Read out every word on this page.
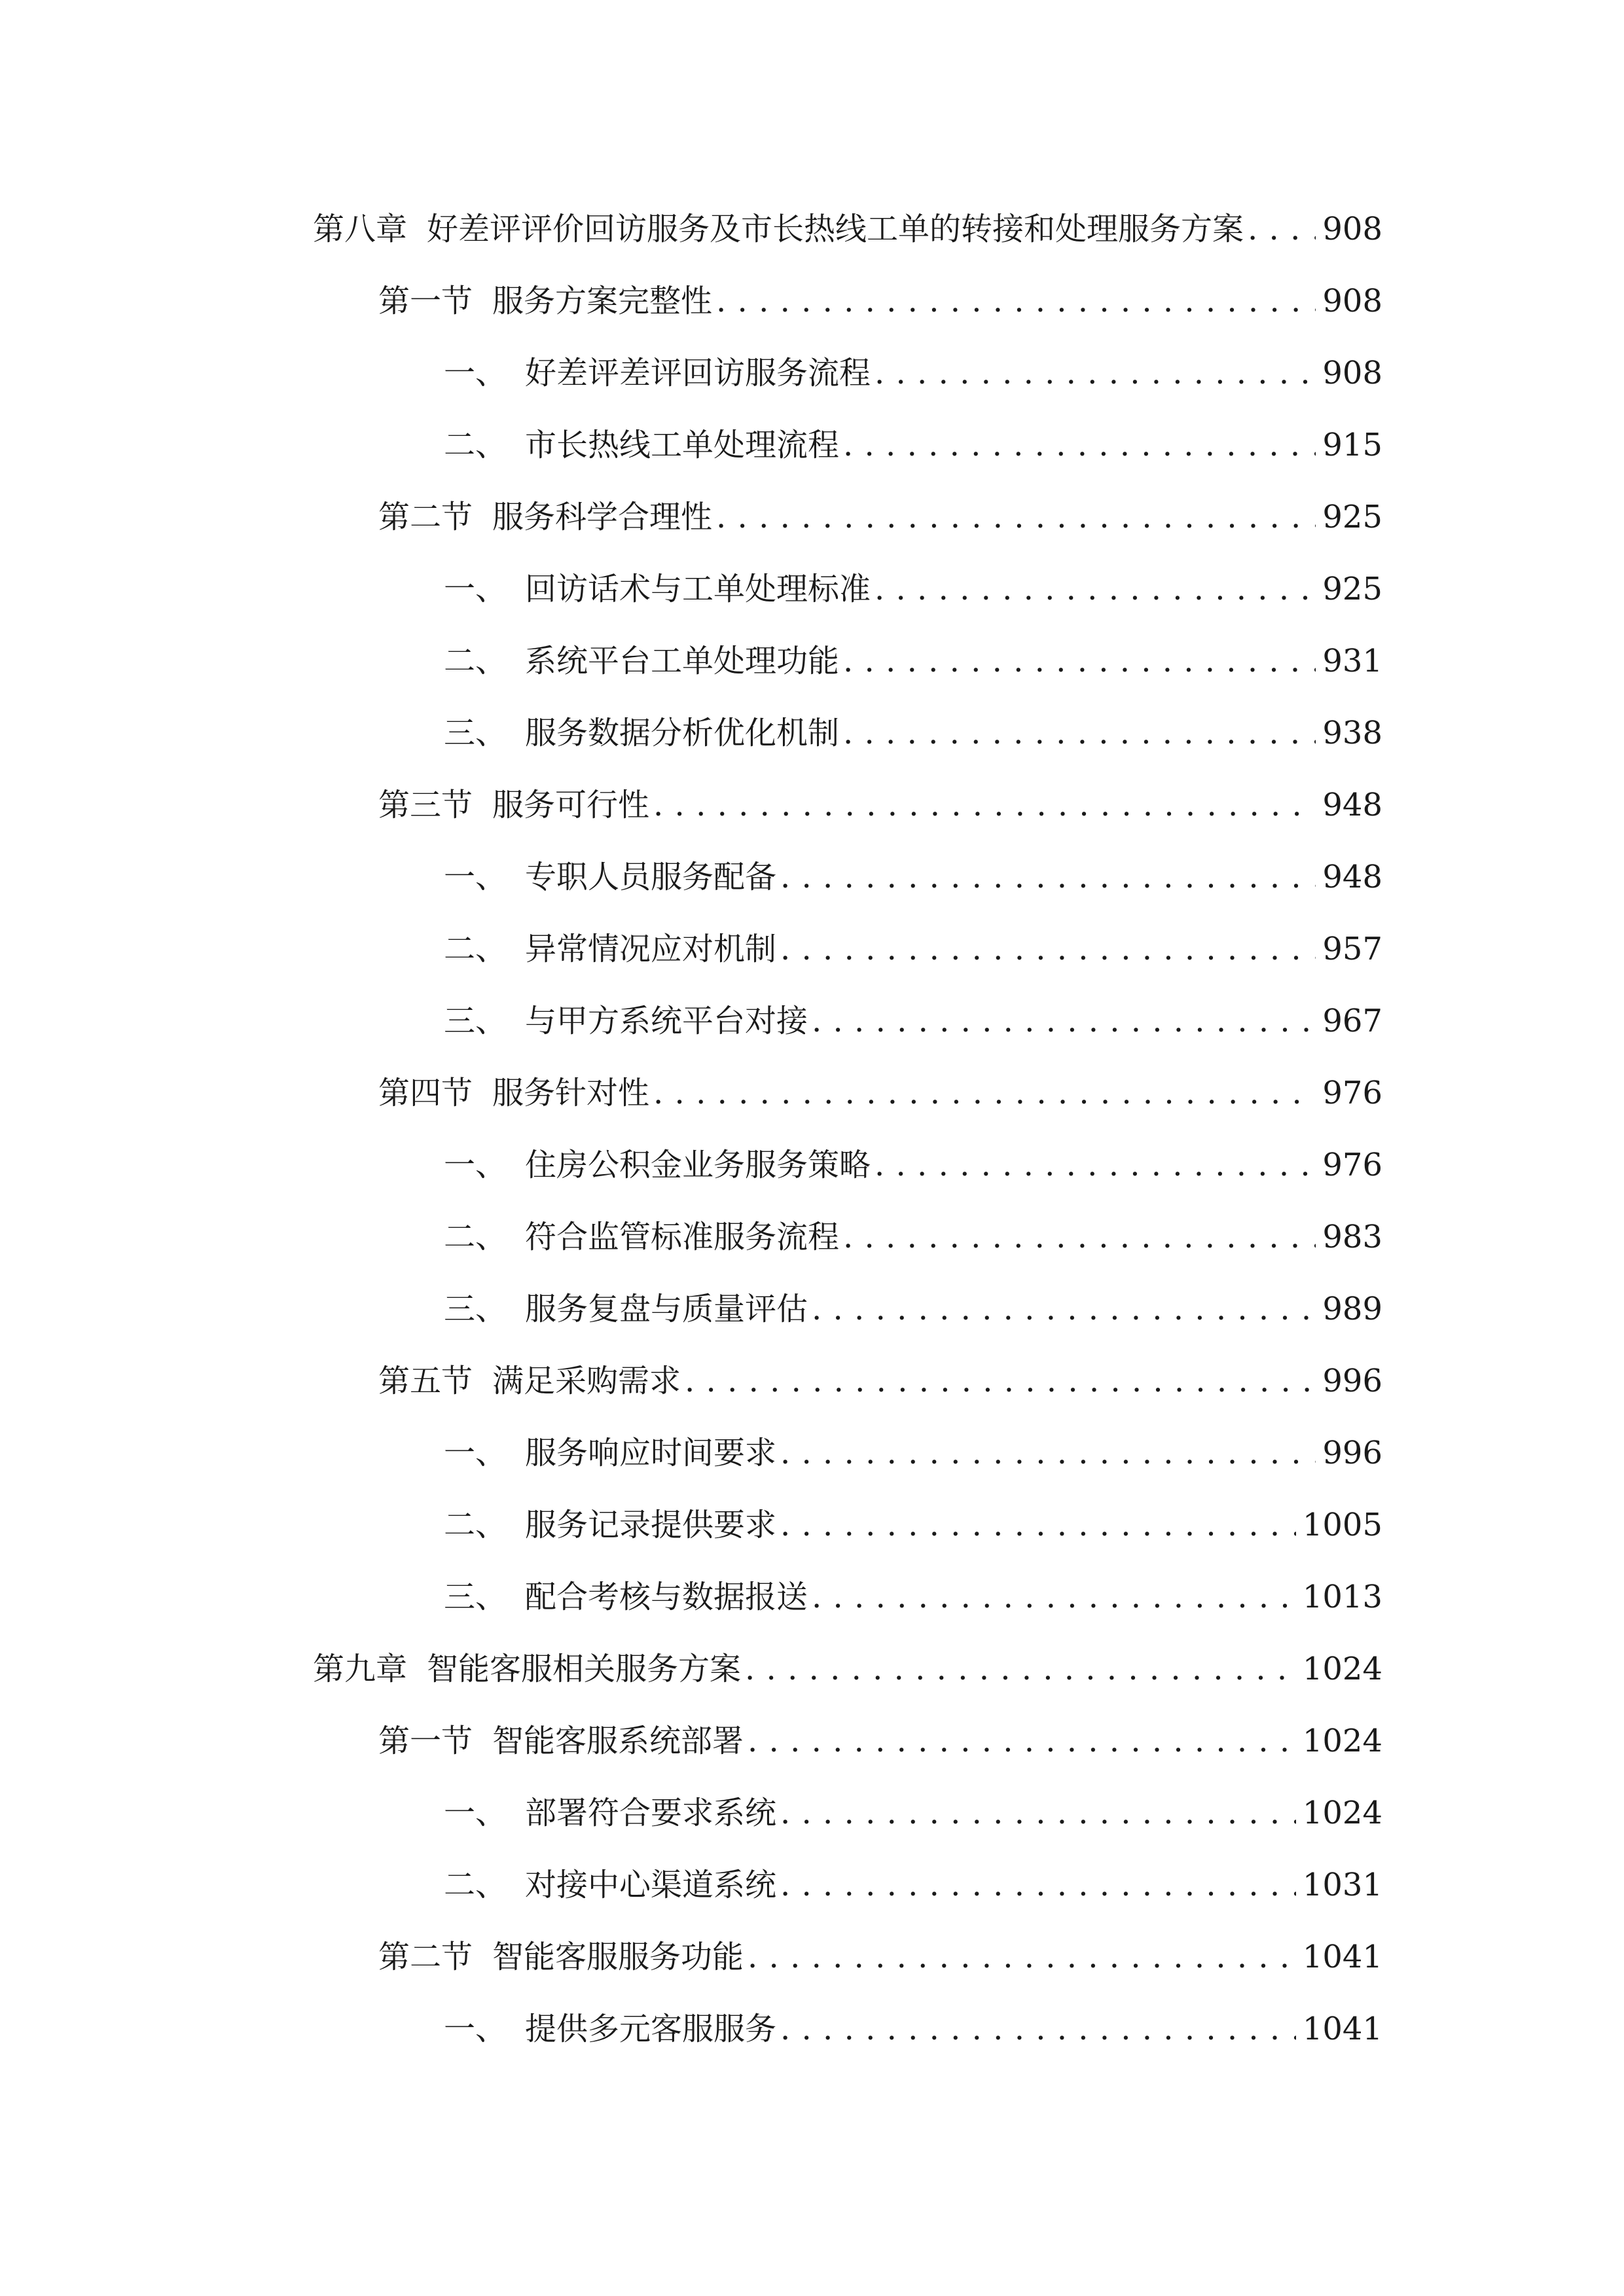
第八章 好差评评价回访服务及市长热线工单的转接和处理服务方案 . . .	908
第一节 服务方案完整性 . . .	908
一、 好差评差评回访服务流程 . . .	908
二、 市长热线工单处理流程 . . .	915
第二节 服务科学合理性 . . .	925
一、 回访话术与工单处理标准 . . .	925
二、 系统平台工单处理功能 . . .	931
三、 服务数据分析优化机制 . . .	938
第三节 服务可行性 . . .	948
一、 专职人员服务配备 . . .	948
二、 异常情况应对机制 . . .	957
三、 与甲方系统平台对接 . . .	967
第四节 服务针对性 . . .	976
一、 住房公积金业务服务策略 . . .	976
二、 符合监管标准服务流程 . . .	983
三、 服务复盘与质量评估 . . .	989
第五节 满足采购需求 . . .	996
一、 服务响应时间要求 . . .	996
二、 服务记录提供要求 . . .	1005
三、 配合考核与数据报送 . . .	1013
第九章 智能客服相关服务方案 . . .	1024
第一节 智能客服系统部署 . . .	1024
一、 部署符合要求系统 . . .	1024
二、 对接中心渠道系统 . . .	1031
第二节 智能客服服务功能 . . .	1041
一、 提供多元客服服务 . . .	1041
